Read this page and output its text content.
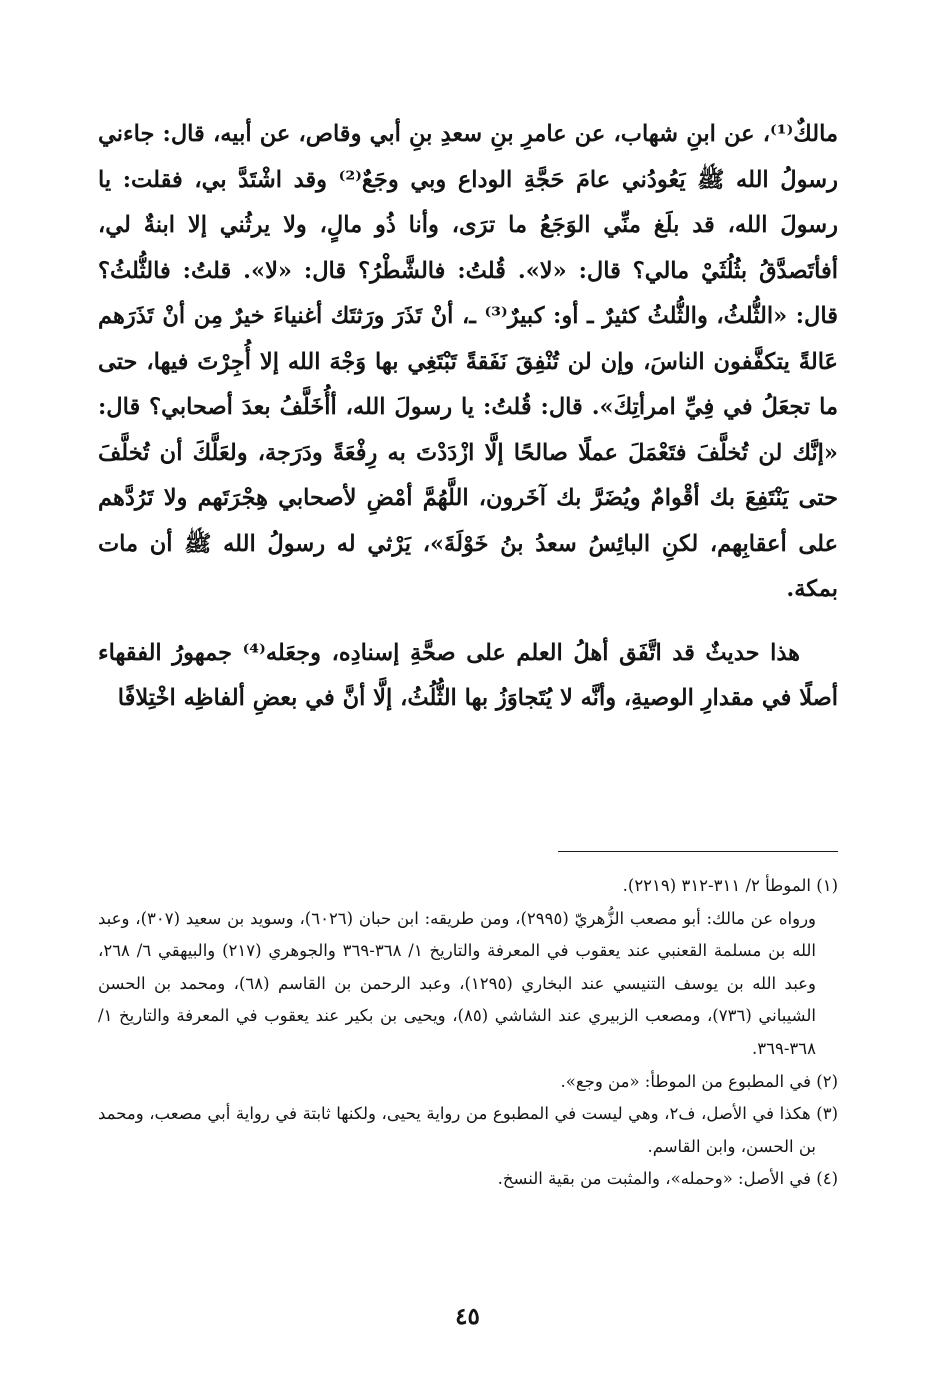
مالكٌ⁽¹⁾، عن ابنِ شهاب، عن عامرِ بنِ سعدِ بنِ أبي وقاص، عن أبيه، قال: جاءني رسولُ الله ﷺ يَعُودُني عامَ حَجَّةِ الوداع وبي وجَعٌ⁽²⁾ وقد اشْتَدَّ بي، فقلت: يا رسولَ الله، قد بلَغ منِّي الوَجَعُ ما ترَى، وأنا ذُو مالٍ، ولا يرثُني إلا ابنةٌ لي، أفأتَصدَّقُ بثُلُثَيْ مالي؟ قال: «لا». قُلتُ: فالشَّطْرُ؟ قال: «لا». قلتُ: فالثُّلثُ؟ قال: «الثُّلثُ، والثُّلثُ كثيرٌ ـ أو: كبيرٌ⁽³⁾ ـ، أنْ تَذَرَ ورَثتَك أغنياءَ خيرٌ مِن أنْ تَذَرَهم عَالةً يتكفَّفون الناسَ، وإن لن تُنْفِقَ نَفَقةً تَبْتَغِي بها وَجْهَ الله إلا أُجِرْتَ فيها، حتى ما تجعَلُ في فِيِّ امرأتِكَ». قال: قُلتُ: يا رسولَ الله، أأُخَلَّفُ بعدَ أصحابي؟ قال: «إنَّك لن تُخلَّفَ فتَعْمَلَ عملًا صالحًا إلَّا ازْدَدْتَ به رِفْعَةً ودَرَجة، ولعَلَّكَ أن تُخلَّفَ حتى يَنْتَفِعَ بك أقْوامٌ ويُضَرَّ بك آخَرون، اللَّهُمَّ أمْضِ لأصحابي هِجْرَتَهم ولا تَرُدَّهم على أعقابِهم، لكنِ البائِسُ سعدُ بنُ خَوْلَةَ»، يَرْثي له رسولُ الله ﷺ أن مات بمكة.

هذا حديثٌ قد اتَّفَق أهلُ العلم على صحَّةِ إسنادِه، وجعَله⁽⁴⁾ جمهورُ الفقهاء أصلًا في مقدارِ الوصيةِ، وأنَّه لا يُتَجاوَزُ بها الثُّلُثُ، إلَّا أنَّ في بعضِ ألفاظِه اخْتِلافًا

(١) الموطأ ٢/ ٣١١-٣١٢ (٢٢١٩).

ورواه عن مالك: أبو مصعب الزُّهريّ (٢٩٩٥)، ومن طريقه: ابن حبان (٦٠٢٦)، وسويد بن سعيد (٣٠٧)، وعبد الله بن مسلمة القعنبي عند يعقوب في المعرفة والتاريخ ١/ ٣٦٨-٣٦٩ والجوهري (٢١٧) والبيهقي ٦/ ٢٦٨، وعبد الله بن يوسف التنيسي عند البخاري (١٢٩٥)، وعبد الرحمن بن القاسم (٦٨)، ومحمد بن الحسن الشيباني (٧٣٦)، ومصعب الزبيري عند الشاشي (٨٥)، ويحيى بن بكير عند يعقوب في المعرفة والتاريخ ١/ ٣٦٨-٣٦٩.

(٢) في المطبوع من الموطأ: «من وجع».

(٣) هكذا في الأصل، ف٢، وهي ليست في المطبوع من رواية يحيى، ولكنها ثابتة في رواية أبي مصعب، ومحمد بن الحسن، وابن القاسم.

(٤) في الأصل: «وحمله»، والمثبت من بقية النسخ.

٤٥
